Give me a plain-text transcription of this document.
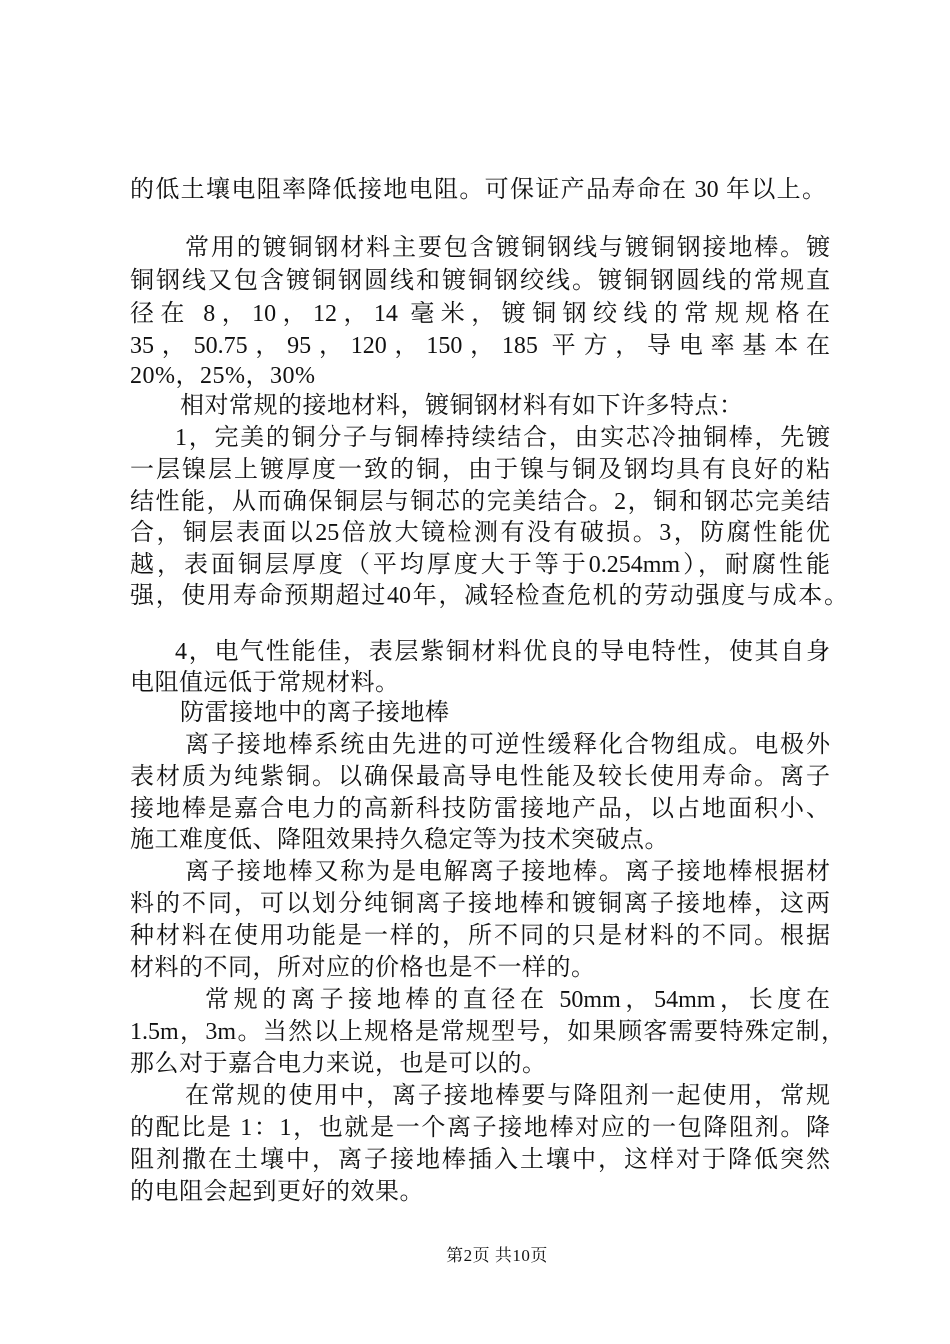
的低土壤电阻率降低接地电阻。可保证产品寿命在 30 年以上。
常用的镀铜钢材料主要包含镀铜钢线与镀铜钢接地棒。镀
铜钢线又包含镀铜钢圆线和镀铜钢绞线。镀铜钢圆线的常规直
径在 8，10，12，14 毫米，镀铜钢绞线的常规规格在
35，50.75，95，120，150，185 平方，导电率基本在
20%，25%，30%
相对常规的接地材料，镀铜钢材料有如下许多特点：
1，完美的铜分子与铜棒持续结合，由实芯冷抽铜棒，先镀
一层镍层上镀厚度一致的铜，由于镍与铜及钢均具有良好的粘
结性能，从而确保铜层与铜芯的完美结合。2，铜和钢芯完美结
合，铜层表面以25倍放大镜检测有没有破损。3，防腐性能优
越，表面铜层厚度（平均厚度大于等于0.254mm），耐腐性能
强，使用寿命预期超过40年，减轻检查危机的劳动强度与成本。
4，电气性能佳，表层紫铜材料优良的导电特性，使其自身
电阻值远低于常规材料。
防雷接地中的离子接地棒
离子接地棒系统由先进的可逆性缓释化合物组成。电极外
表材质为纯紫铜。以确保最高导电性能及较长使用寿命。离子
接地棒是嘉合电力的高新科技防雷接地产品，以占地面积小、
施工难度低、降阻效果持久稳定等为技术突破点。
离子接地棒又称为是电解离子接地棒。离子接地棒根据材
料的不同，可以划分纯铜离子接地棒和镀铜离子接地棒，这两
种材料在使用功能是一样的，所不同的只是材料的不同。根据
材料的不同，所对应的价格也是不一样的。
常规的离子接地棒的直径在 50mm，54mm，长度在
1.5m，3m。当然以上规格是常规型号，如果顾客需要特殊定制，
那么对于嘉合电力来说，也是可以的。
在常规的使用中，离子接地棒要与降阻剂一起使用，常规
的配比是 1：1，也就是一个离子接地棒对应的一包降阻剂。降
阻剂撒在土壤中，离子接地棒插入土壤中，这样对于降低突然
的电阻会起到更好的效果。
第2页 共10页
